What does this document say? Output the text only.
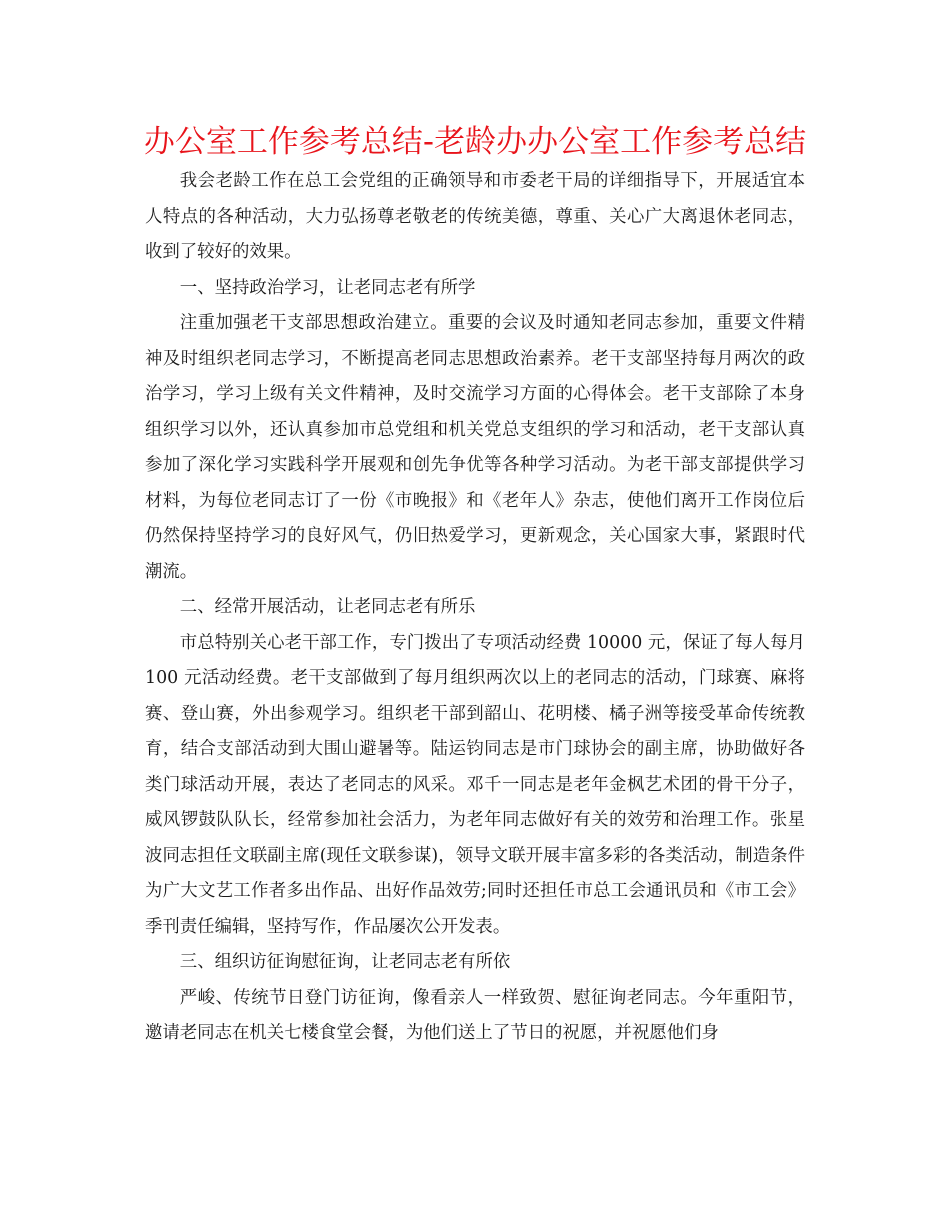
办公室工作参考总结-老龄办办公室工作参考总结

我会老龄工作在总工会党组的正确领导和市委老干局的详细指导下，开展适宜本人特点的各种活动，大力弘扬尊老敬老的传统美德，尊重、关心广大离退休老同志，收到了较好的效果。

一、坚持政治学习，让老同志老有所学

注重加强老干支部思想政治建立。重要的会议及时通知老同志参加，重要文件精神及时组织老同志学习，不断提高老同志思想政治素养。老干支部坚持每月两次的政治学习，学习上级有关文件精神，及时交流学习方面的心得体会。老干支部除了本身组织学习以外，还认真参加市总党组和机关党总支组织的学习和活动，老干支部认真参加了深化学习实践科学开展观和创先争优等各种学习活动。为老干部支部提供学习材料，为每位老同志订了一份《市晚报》和《老年人》杂志，使他们离开工作岗位后仍然保持坚持学习的良好风气，仍旧热爱学习，更新观念，关心国家大事，紧跟时代潮流。

二、经常开展活动，让老同志老有所乐

市总特别关心老干部工作，专门拨出了专项活动经费 10000 元，保证了每人每月 100 元活动经费。老干支部做到了每月组织两次以上的老同志的活动，门球赛、麻将赛、登山赛，外出参观学习。组织老干部到韶山、花明楼、橘子洲等接受革命传统教育，结合支部活动到大围山避暑等。陆运钧同志是市门球协会的副主席，协助做好各类门球活动开展，表达了老同志的风采。邓千一同志是老年金枫艺术团的骨干分子，威风锣鼓队队长，经常参加社会活力，为老年同志做好有关的效劳和治理工作。张星波同志担任文联副主席(现任文联参谋)，领导文联开展丰富多彩的各类活动，制造条件为广大文艺工作者多出作品、出好作品效劳;同时还担任市总工会通讯员和《市工会》季刊责任编辑，坚持写作，作品屡次公开发表。

三、组织访征询慰征询，让老同志老有所依

严峻、传统节日登门访征询，像看亲人一样致贺、慰征询老同志。今年重阳节，邀请老同志在机关七楼食堂会餐，为他们送上了节日的祝愿，并祝愿他们身
